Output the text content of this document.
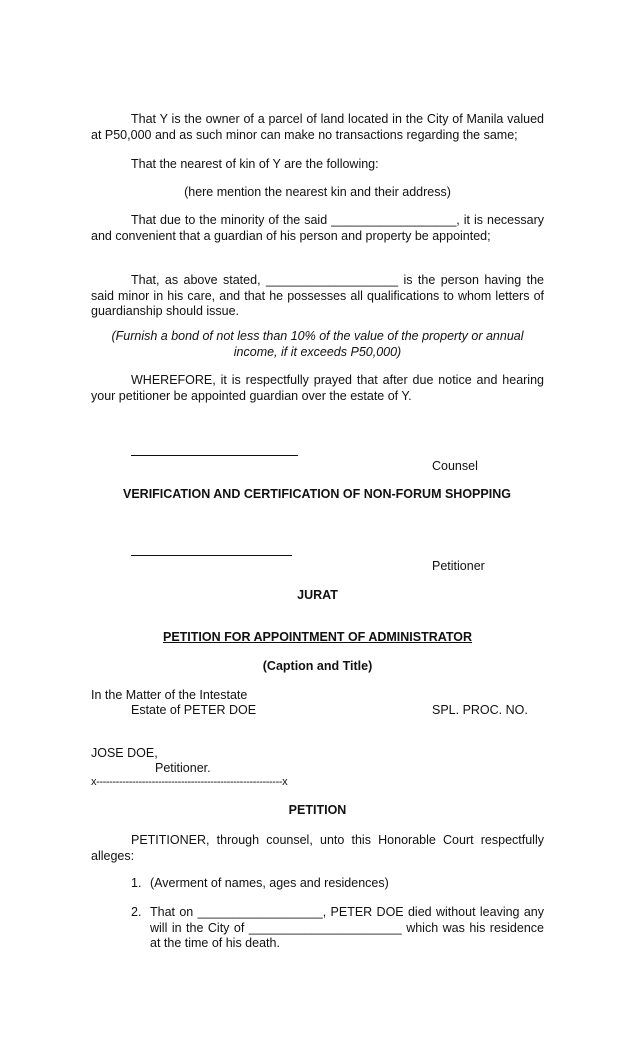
That Y is the owner of a parcel of land located in the City of Manila valued at P50,000 and as such minor can make no transactions regarding the same;
That the nearest of kin of Y are the following:
(here mention the nearest kin and their address)
That due to the minority of the said __________________, it is necessary and convenient that a guardian of his person and property be appointed;
That, as above stated, ___________________ is the person having the said minor in his care, and that he possesses all qualifications to whom letters of guardianship should issue.
(Furnish a bond of not less than 10% of the value of the property or annual
income, if it exceeds P50,000)
WHEREFORE, it is respectfully prayed that after due notice and hearing your petitioner be appointed guardian over the estate of Y.
Counsel
VERIFICATION AND CERTIFICATION OF NON-FORUM SHOPPING
Petitioner
JURAT
PETITION FOR APPOINTMENT OF ADMINISTRATOR
(Caption and Title)
In the Matter of the Intestate
Estate of PETER DOE	SPL. PROC. NO.
JOSE DOE,
Petitioner.
x---------------------------------------------------------x
PETITION
PETITIONER, through counsel, unto this Honorable Court respectfully alleges:
1. (Averment of names, ages and residences)
2. That on __________________, PETER DOE died without leaving any will in the City of ______________________ which was his residence at the time of his death.
